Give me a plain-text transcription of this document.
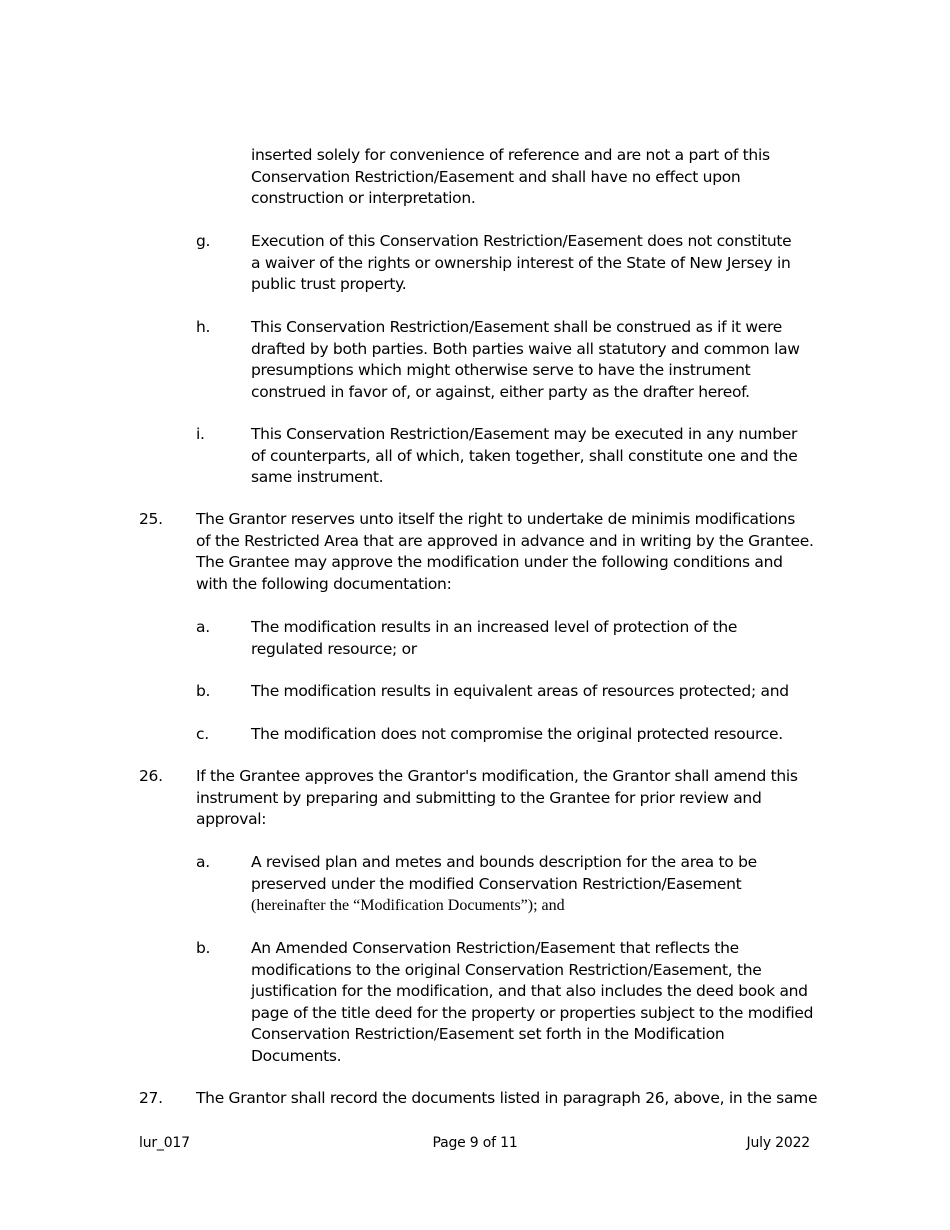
inserted solely for convenience of reference and are not a part of this
Conservation Restriction/Easement and shall have no effect upon
construction or interpretation.
g.	Execution of this Conservation Restriction/Easement does not constitute
a waiver of the rights or ownership interest of the State of New Jersey in
public trust property.
h.	This Conservation Restriction/Easement shall be construed as if it were
drafted by both parties. Both parties waive all statutory and common law
presumptions which might otherwise serve to have the instrument
construed in favor of, or against, either party as the drafter hereof.
i.	This Conservation Restriction/Easement may be executed in any number
of counterparts, all of which, taken together, shall constitute one and the
same instrument.
25. The Grantor reserves unto itself the right to undertake de minimis modifications
of the Restricted Area that are approved in advance and in writing by the Grantee.
The Grantee may approve the modification under the following conditions and
with the following documentation:
a.	The modification results in an increased level of protection of the
regulated resource; or
b.	The modification results in equivalent areas of resources protected; and
c.	The modification does not compromise the original protected resource.
26. If the Grantee approves the Grantor's modification, the Grantor shall amend this
instrument by preparing and submitting to the Grantee for prior review and
approval:
a.	A revised plan and metes and bounds description for the area to be
preserved under the modified Conservation Restriction/Easement
(hereinafter the “Modification Documents”); and
b.	An Amended Conservation Restriction/Easement that reflects the
modifications to the original Conservation Restriction/Easement, the
justification for the modification, and that also includes the deed book and
page of the title deed for the property or properties subject to the modified
Conservation Restriction/Easement set forth in the Modification
Documents.
27. The Grantor shall record the documents listed in paragraph 26, above, in the same
lur_017	Page 9 of 11	July 2022
